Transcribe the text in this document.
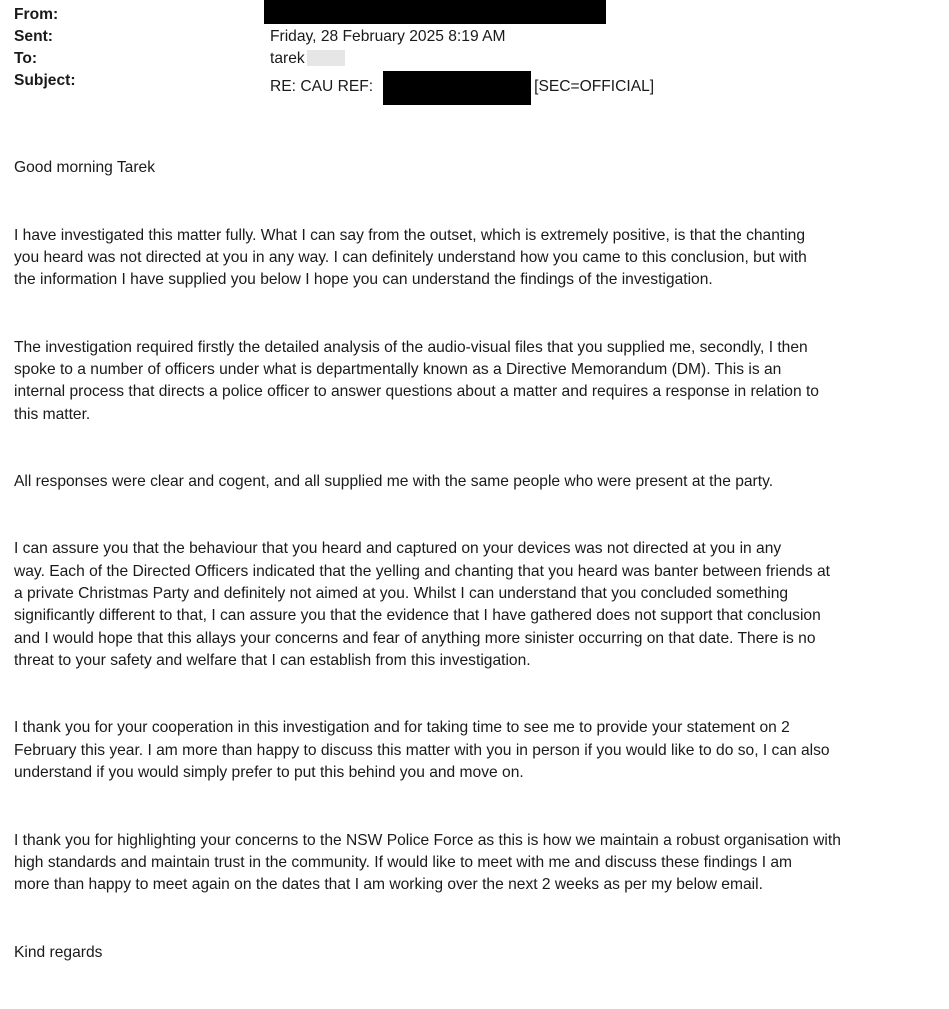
From:
Sent:	Friday, 28 February 2025 8:19 AM
To:	tarek
Subject:	RE: CAU REF:	[SEC=OFFICIAL]

Good morning Tarek

I have investigated this matter fully. What I can say from the outset, which is extremely positive, is that the chanting
you heard was not directed at you in any way. I can definitely understand how you came to this conclusion, but with
the information I have supplied you below I hope you can understand the findings of the investigation.

The investigation required firstly the detailed analysis of the audio-visual files that you supplied me, secondly, I then
spoke to a number of officers under what is departmentally known as a Directive Memorandum (DM). This is an
internal process that directs a police officer to answer questions about a matter and requires a response in relation to
this matter.

All responses were clear and cogent, and all supplied me with the same people who were present at the party.

I can assure you that the behaviour that you heard and captured on your devices was not directed at you in any
way. Each of the Directed Officers indicated that the yelling and chanting that you heard was banter between friends at
a private Christmas Party and definitely not aimed at you. Whilst I can understand that you concluded something
significantly different to that, I can assure you that the evidence that I have gathered does not support that conclusion
and I would hope that this allays your concerns and fear of anything more sinister occurring on that date. There is no
threat to your safety and welfare that I can establish from this investigation.

I thank you for your cooperation in this investigation and for taking time to see me to provide your statement on 2
February this year. I am more than happy to discuss this matter with you in person if you would like to do so, I can also
understand if you would simply prefer to put this behind you and move on.

I thank you for highlighting your concerns to the NSW Police Force as this is how we maintain a robust organisation with
high standards and maintain trust in the community. If would like to meet with me and discuss these findings I am
more than happy to meet again on the dates that I am working over the next 2 weeks as per my below email.

Kind regards
